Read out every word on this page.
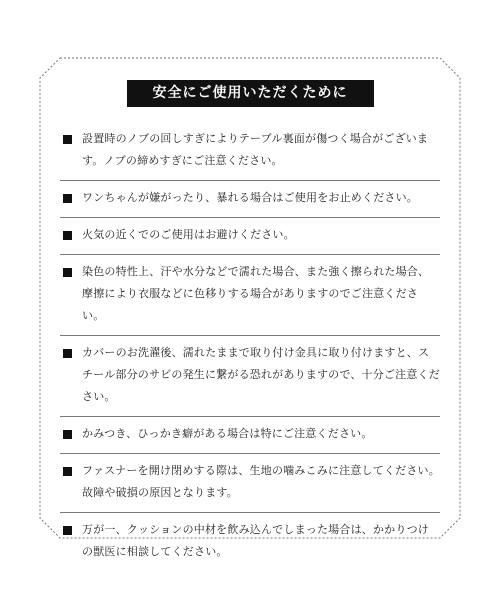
安全にご使用いただくために
設置時のノブの回しすぎによりテーブル裏面が傷つく場合がございます。ノブの締めすぎにご注意ください。
ワンちゃんが嫌がったり、暴れる場合はご使用をお止めください。
火気の近くでのご使用はお避けください。
染色の特性上、汗や水分などで濡れた場合、また強く擦られた場合、摩擦により衣服などに色移りする場合がありますのでご注意ください。
カバーのお洗濯後、濡れたままで取り付け金具に取り付けますと、スチール部分のサビの発生に繋がる恐れがありますので、十分ご注意ください。
かみつき、ひっかき癖がある場合は特にご注意ください。
ファスナーを開け閉めする際は、生地の噛みこみに注意してください。故障や破損の原因となります。
万が一、クッションの中材を飲み込んでしまった場合は、かかりつけの獣医に相談してください。
